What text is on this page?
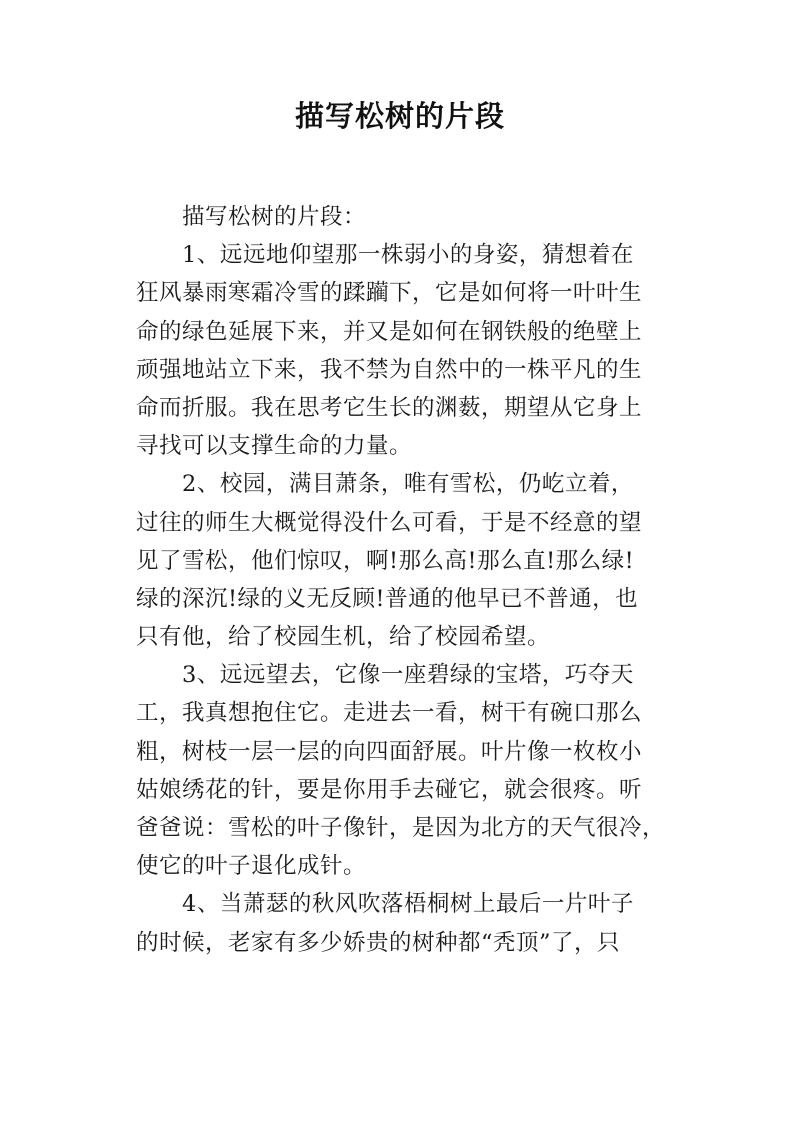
描写松树的片段
描写松树的片段：
1、远远地仰望那一株弱小的身姿，猜想着在
狂风暴雨寒霜冷雪的蹂躏下，它是如何将一叶叶生
命的绿色延展下来，并又是如何在钢铁般的绝壁上
顽强地站立下来，我不禁为自然中的一株平凡的生
命而折服。我在思考它生长的渊薮，期望从它身上
寻找可以支撑生命的力量。
2、校园，满目萧条，唯有雪松，仍屹立着，
过往的师生大概觉得没什么可看，于是不经意的望
见了雪松，他们惊叹，啊!那么高!那么直!那么绿!
绿的深沉!绿的义无反顾!普通的他早已不普通，也
只有他，给了校园生机，给了校园希望。
3、远远望去，它像一座碧绿的宝塔，巧夺天
工，我真想抱住它。走进去一看，树干有碗口那么
粗，树枝一层一层的向四面舒展。叶片像一枚枚小
姑娘绣花的针，要是你用手去碰它，就会很疼。听
爸爸说：雪松的叶子像针，是因为北方的天气很冷，
使它的叶子退化成针。
4、当萧瑟的秋风吹落梧桐树上最后一片叶子
的时候，老家有多少娇贵的树种都“秃顶”了，只
